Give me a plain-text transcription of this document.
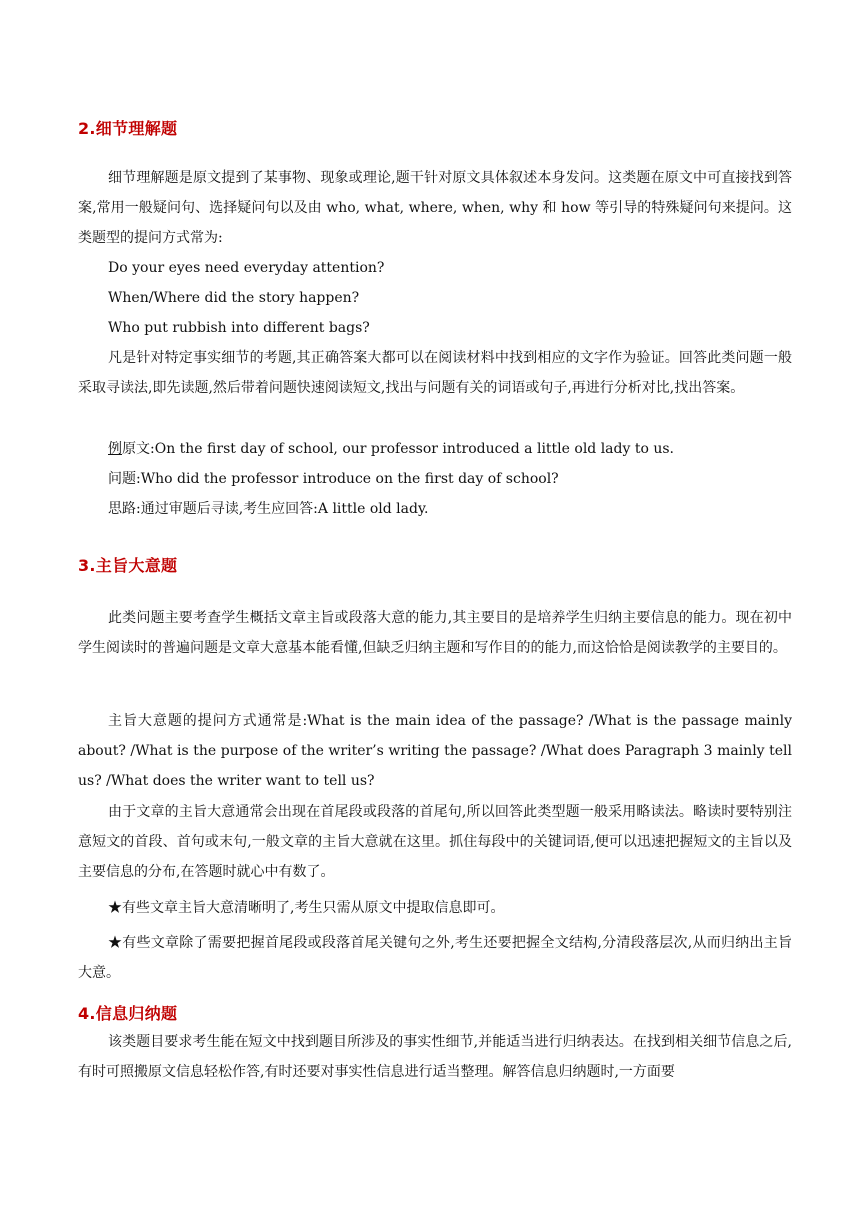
2.细节理解题

细节理解题是原文提到了某事物、现象或理论,题干针对原文具体叙述本身发问。这类题在原文中可直接找到答案,常用一般疑问句、选择疑问句以及由 who, what, where, when, why 和 how 等引导的特殊疑问句来提问。这类题型的提问方式常为:

Do your eyes need everyday attention?

When/Where did the story happen?

Who put rubbish into different bags?

凡是针对特定事实细节的考题,其正确答案大都可以在阅读材料中找到相应的文字作为验证。回答此类问题一般采取寻读法,即先读题,然后带着问题快速阅读短文,找出与问题有关的词语或句子,再进行分析对比,找出答案。

例原文:On the first day of school, our professor introduced a little old lady to us.

问题:Who did the professor introduce on the first day of school?

思路:通过审题后寻读,考生应回答:A little old lady.

3.主旨大意题

此类问题主要考查学生概括文章主旨或段落大意的能力,其主要目的是培养学生归纳主要信息的能力。现在初中学生阅读时的普遍问题是文章大意基本能看懂,但缺乏归纳主题和写作目的的能力,而这恰恰是阅读教学的主要目的。

主旨大意题的提问方式通常是:What is the main idea of the passage? /What is the passage mainly about? /What is the purpose of the writer’s writing the passage? /What does Paragraph 3 mainly tell us? /What does the writer want to tell us?

由于文章的主旨大意通常会出现在首尾段或段落的首尾句,所以回答此类型题一般采用略读法。略读时要特别注意短文的首段、首句或末句,一般文章的主旨大意就在这里。抓住每段中的关键词语,便可以迅速把握短文的主旨以及主要信息的分布,在答题时就心中有数了。

★有些文章主旨大意清晰明了,考生只需从原文中提取信息即可。

★有些文章除了需要把握首尾段或段落首尾关键句之外,考生还要把握全文结构,分清段落层次,从而归纳出主旨大意。

4.信息归纳题

该类题目要求考生能在短文中找到题目所涉及的事实性细节,并能适当进行归纳表达。在找到相关细节信息之后,有时可照搬原文信息轻松作答,有时还要对事实性信息进行适当整理。解答信息归纳题时,一方面要
